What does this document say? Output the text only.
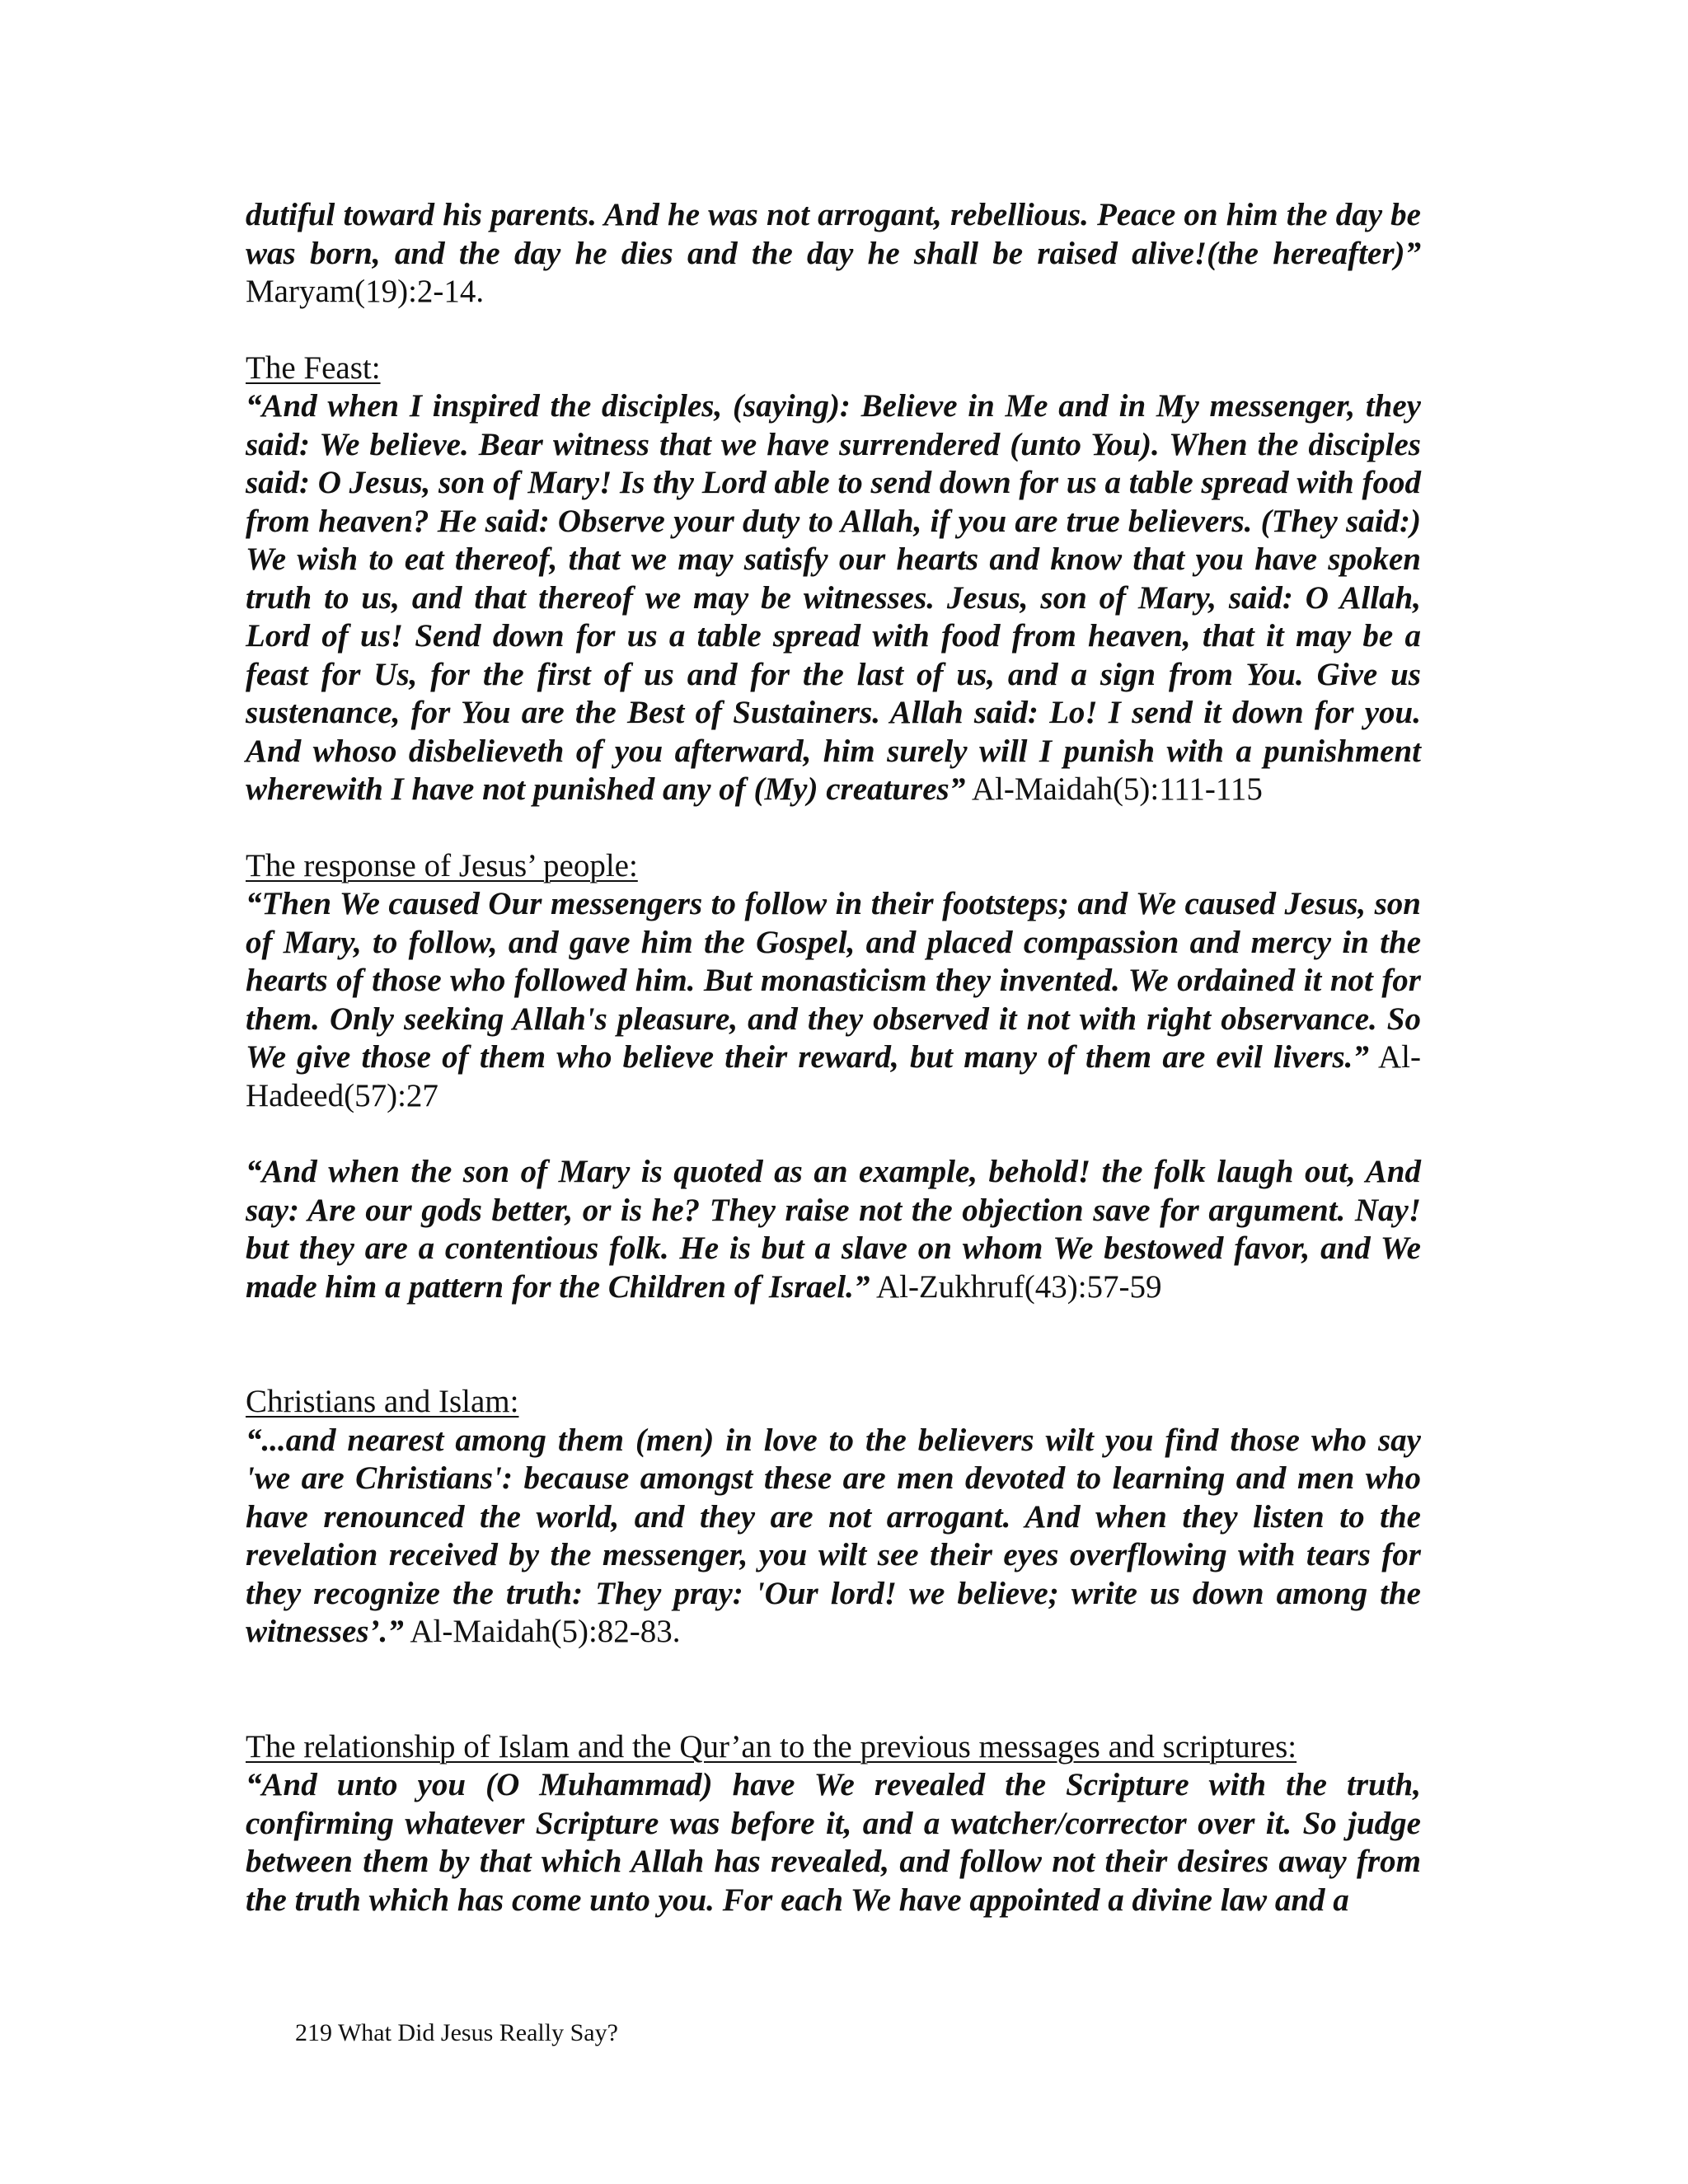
dutiful toward his parents. And he was not arrogant, rebellious. Peace on him the day be was born, and the day he dies and the day he shall be raised alive!(the hereafter)” Maryam(19):2-14.

The Feast:
“And when I inspired the disciples, (saying): Believe in Me and in My messenger, they said: We believe. Bear witness that we have surrendered (unto You). When the disciples said: O Jesus, son of Mary! Is thy Lord able to send down for us a table spread with food from heaven? He said: Observe your duty to Allah, if you are true believers. (They said:) We wish to eat thereof, that we may satisfy our hearts and know that you have spoken truth to us, and that thereof we may be witnesses. Jesus, son of Mary, said: O Allah, Lord of us! Send down for us a table spread with food from heaven, that it may be a feast for Us, for the first of us and for the last of us, and a sign from You. Give us sustenance, for You are the Best of Sustainers. Allah said: Lo! I send it down for you. And whoso disbelieveth of you afterward, him surely will I punish with a punishment wherewith I have not punished any of (My) creatures” Al-Maidah(5):111-115

The response of Jesus’ people:
“Then We caused Our messengers to follow in their footsteps; and We caused Jesus, son of Mary, to follow, and gave him the Gospel, and placed compassion and mercy in the hearts of those who followed him. But monasticism they invented. We ordained it not for them. Only seeking Allah's pleasure, and they observed it not with right observance. So We give those of them who believe their reward, but many of them are evil livers.” Al-Hadeed(57):27

“And when the son of Mary is quoted as an example, behold! the folk laugh out, And say: Are our gods better, or is he? They raise not the objection save for argument. Nay! but they are a contentious folk. He is but a slave on whom We bestowed favor, and We made him a pattern for the Children of Israel.” Al-Zukhruf(43):57-59

Christians and Islam:
“...and nearest among them (men) in love to the believers wilt you find those who say 'we are Christians': because amongst these are men devoted to learning and men who have renounced the world, and they are not arrogant. And when they listen to the revelation received by the messenger, you wilt see their eyes overflowing with tears for they recognize the truth: They pray: 'Our lord! we believe; write us down among the witnesses’.” Al-Maidah(5):82-83.

The relationship of Islam and the Qur’an to the previous messages and scriptures:
“And unto you (O Muhammad) have We revealed the Scripture with the truth, confirming whatever Scripture was before it, and a watcher/corrector over it. So judge between them by that which Allah has revealed, and follow not their desires away from the truth which has come unto you. For each We have appointed a divine law and a

219 What Did Jesus Really Say?
